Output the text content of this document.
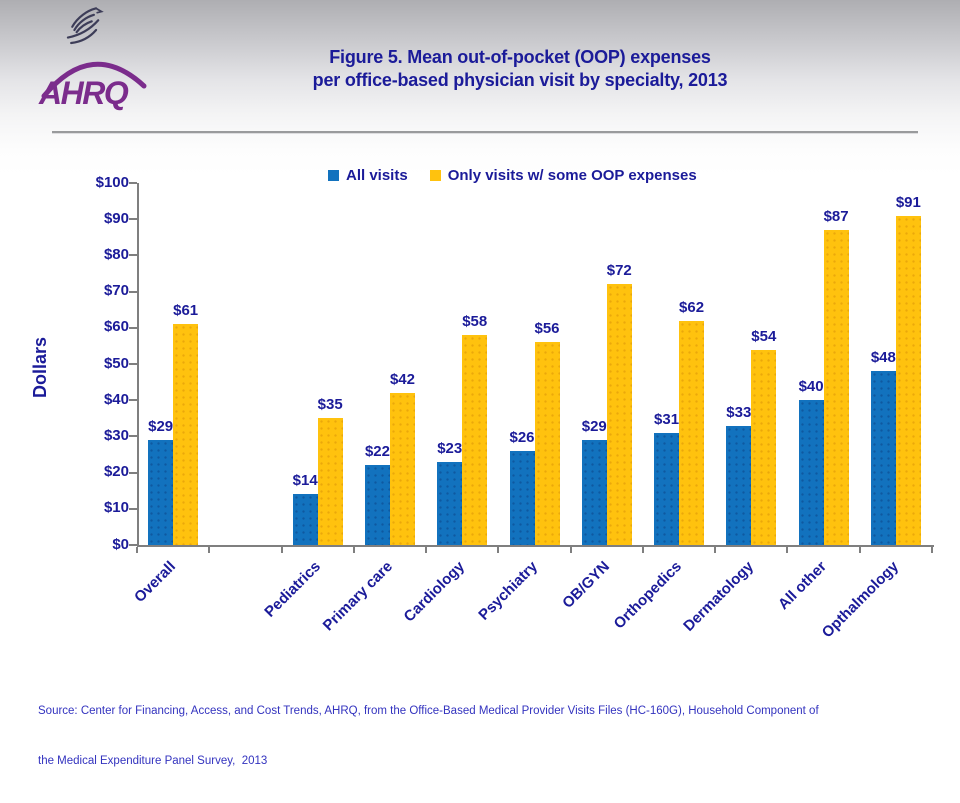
AHRQ
Figure 5. Mean out-of-pocket (OOP) expenses
per office-based physician visit by specialty, 2013
Dollars
All visits	Only visits w/ some OOP expenses
$0
$10
$20
$30
$40
$50
$60
$70
$80
$90
$100
$29
$61
Overall
$14
$35
Pediatrics
$22
$42
Primary care
$23
$58
Cardiology
$26
$56
Psychiatry
$29
$72
OB/GYN
$31
$62
Orthopedics
$33
$54
Dermatology
$40
$87
All other
$48
$91
Opthalmology

Source: Center for Financing, Access, and Cost Trends, AHRQ, from the Office-Based Medical Provider Visits Files (HC-160G), Household Component of

the Medical Expenditure Panel Survey,  2013
